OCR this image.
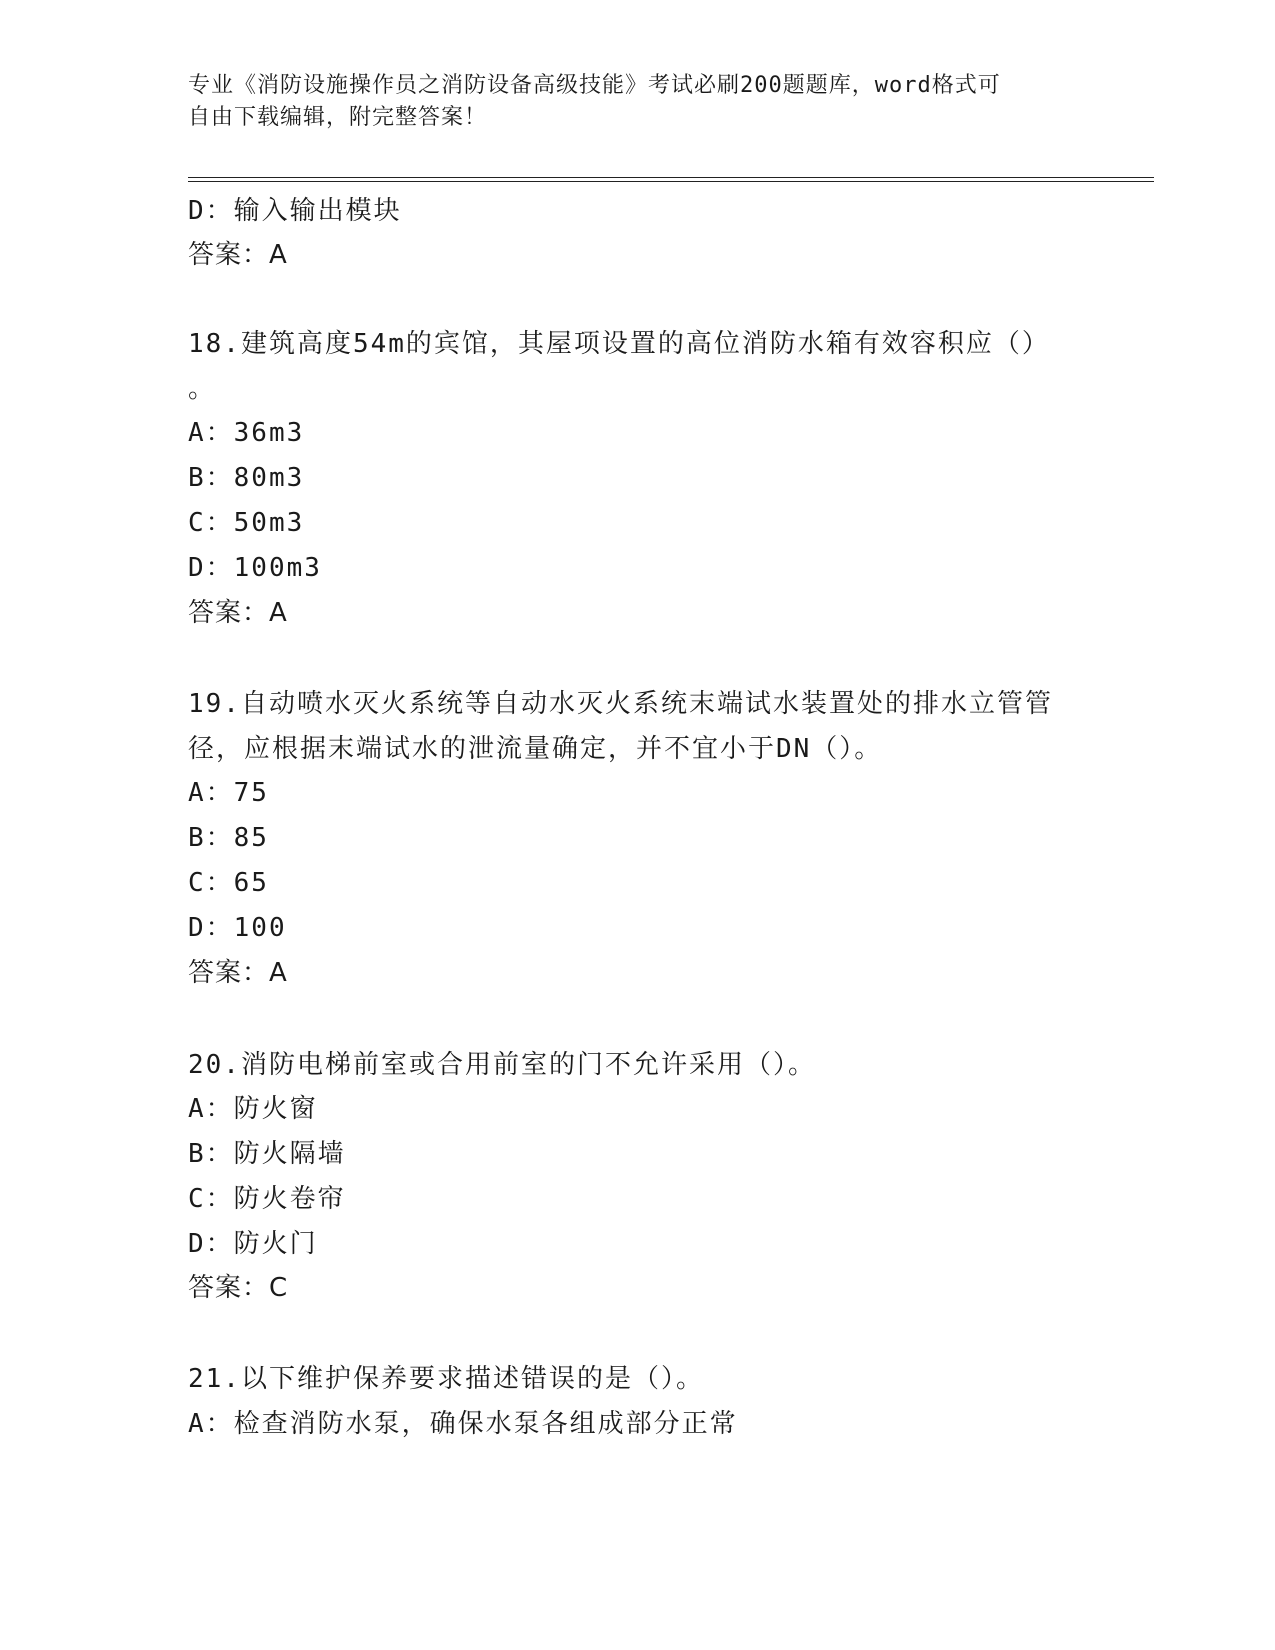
专业《消防设施操作员之消防设备高级技能》考试必刷200题题库，word格式可
自由下载编辑，附完整答案！
D：输入输出模块
答案：A
18.建筑高度54m的宾馆，其屋项设置的高位消防水箱有效容积应（）
。
A：36m3
B：80m3
C：50m3
D：100m3
答案：A
19.自动喷水灭火系统等自动水灭火系统末端试水装置处的排水立管管
径，应根据末端试水的泄流量确定，并不宜小于DN（）。
A：75
B：85
C：65
D：100
答案：A
20.消防电梯前室或合用前室的门不允许采用（）。
A：防火窗
B：防火隔墙
C：防火卷帘
D：防火门
答案：C
21.以下维护保养要求描述错误的是（）。
A：检查消防水泵，确保水泵各组成部分正常
